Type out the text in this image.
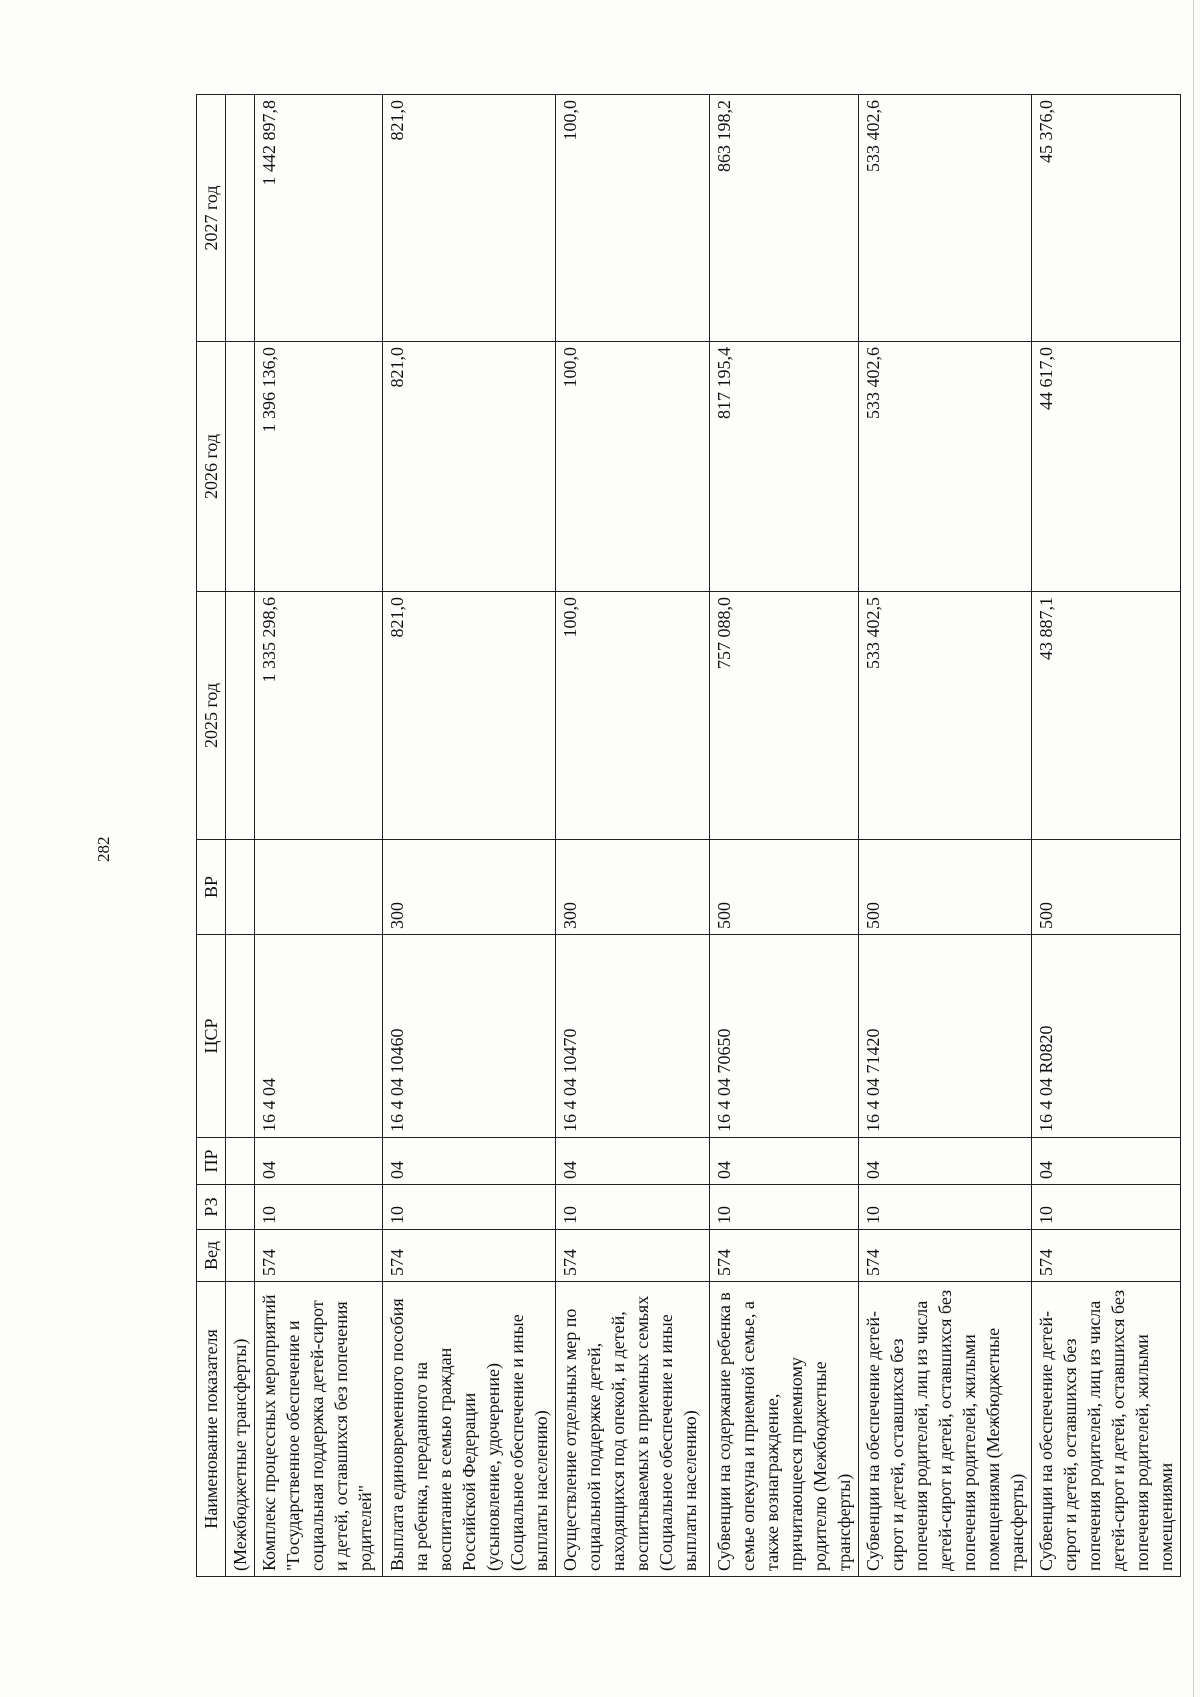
282
Наименование показателя	Вед	РЗ	ПР	ЦСР	ВР	2025 год	2026 год	2027 год
(Межбюджетные трансферты)								
Комплекс процессных мероприятий "Государственное обеспечение и социальная поддержка детей-сирот и детей, оставшихся без попечения родителей"	574	10	04	16 4 04		1 335 298,6	1 396 136,0	1 442 897,8
Выплата единовременного пособия на ребенка, переданного на воспитание в семью граждан Российской Федерации (усыновление, удочерение) (Социальное обеспечение и иные выплаты населению)	574	10	04	16 4 04 10460	300	821,0	821,0	821,0
Осуществление отдельных мер по социальной поддержке детей, находящихся под опекой, и детей, воспитываемых в приемных семьях (Социальное обеспечение и иные выплаты населению)	574	10	04	16 4 04 10470	300	100,0	100,0	100,0
Субвенции на содержание ребенка в семье опекуна и приемной семье, а также вознаграждение, причитающееся приемному родителю (Межбюджетные трансферты)	574	10	04	16 4 04 70650	500	757 088,0	817 195,4	863 198,2
Субвенции на обеспечение детей-сирот и детей, оставшихся без попечения родителей, лиц из числа детей-сирот и детей, оставшихся без попечения родителей, жилыми помещениями (Межбюджетные трансферты)	574	10	04	16 4 04 71420	500	533 402,5	533 402,6	533 402,6
Субвенции на обеспечение детей-сирот и детей, оставшихся без попечения родителей, лиц из числа детей-сирот и детей, оставшихся без попечения родителей, жилыми помещениями	574	10	04	16 4 04 R0820	500	43 887,1	44 617,0	45 376,0
